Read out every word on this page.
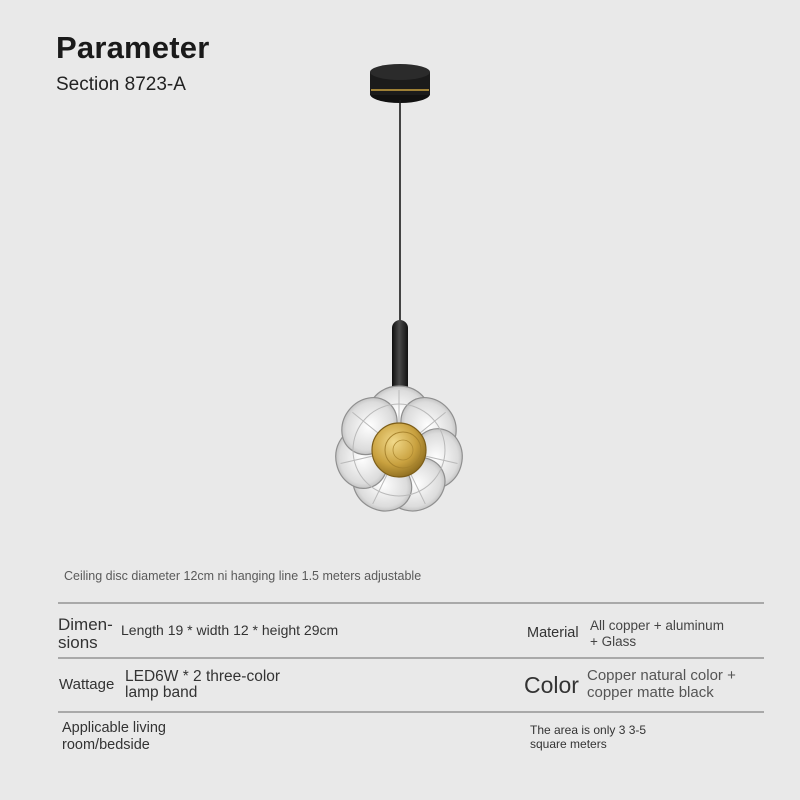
Parameter
Section 8723-A
Ceiling disc diameter 12cm ni hanging line 1.5 meters adjustable
Dimen-
sions
Length 19 * width 12 * height 29cm	Material All copper + aluminum
+ Glass
Wattage LED6W * 2 three-color
lamp band	Color Copper natural color +
copper matte black
Applicable living
room/bedside
The area is only 3 3-5
square meters
